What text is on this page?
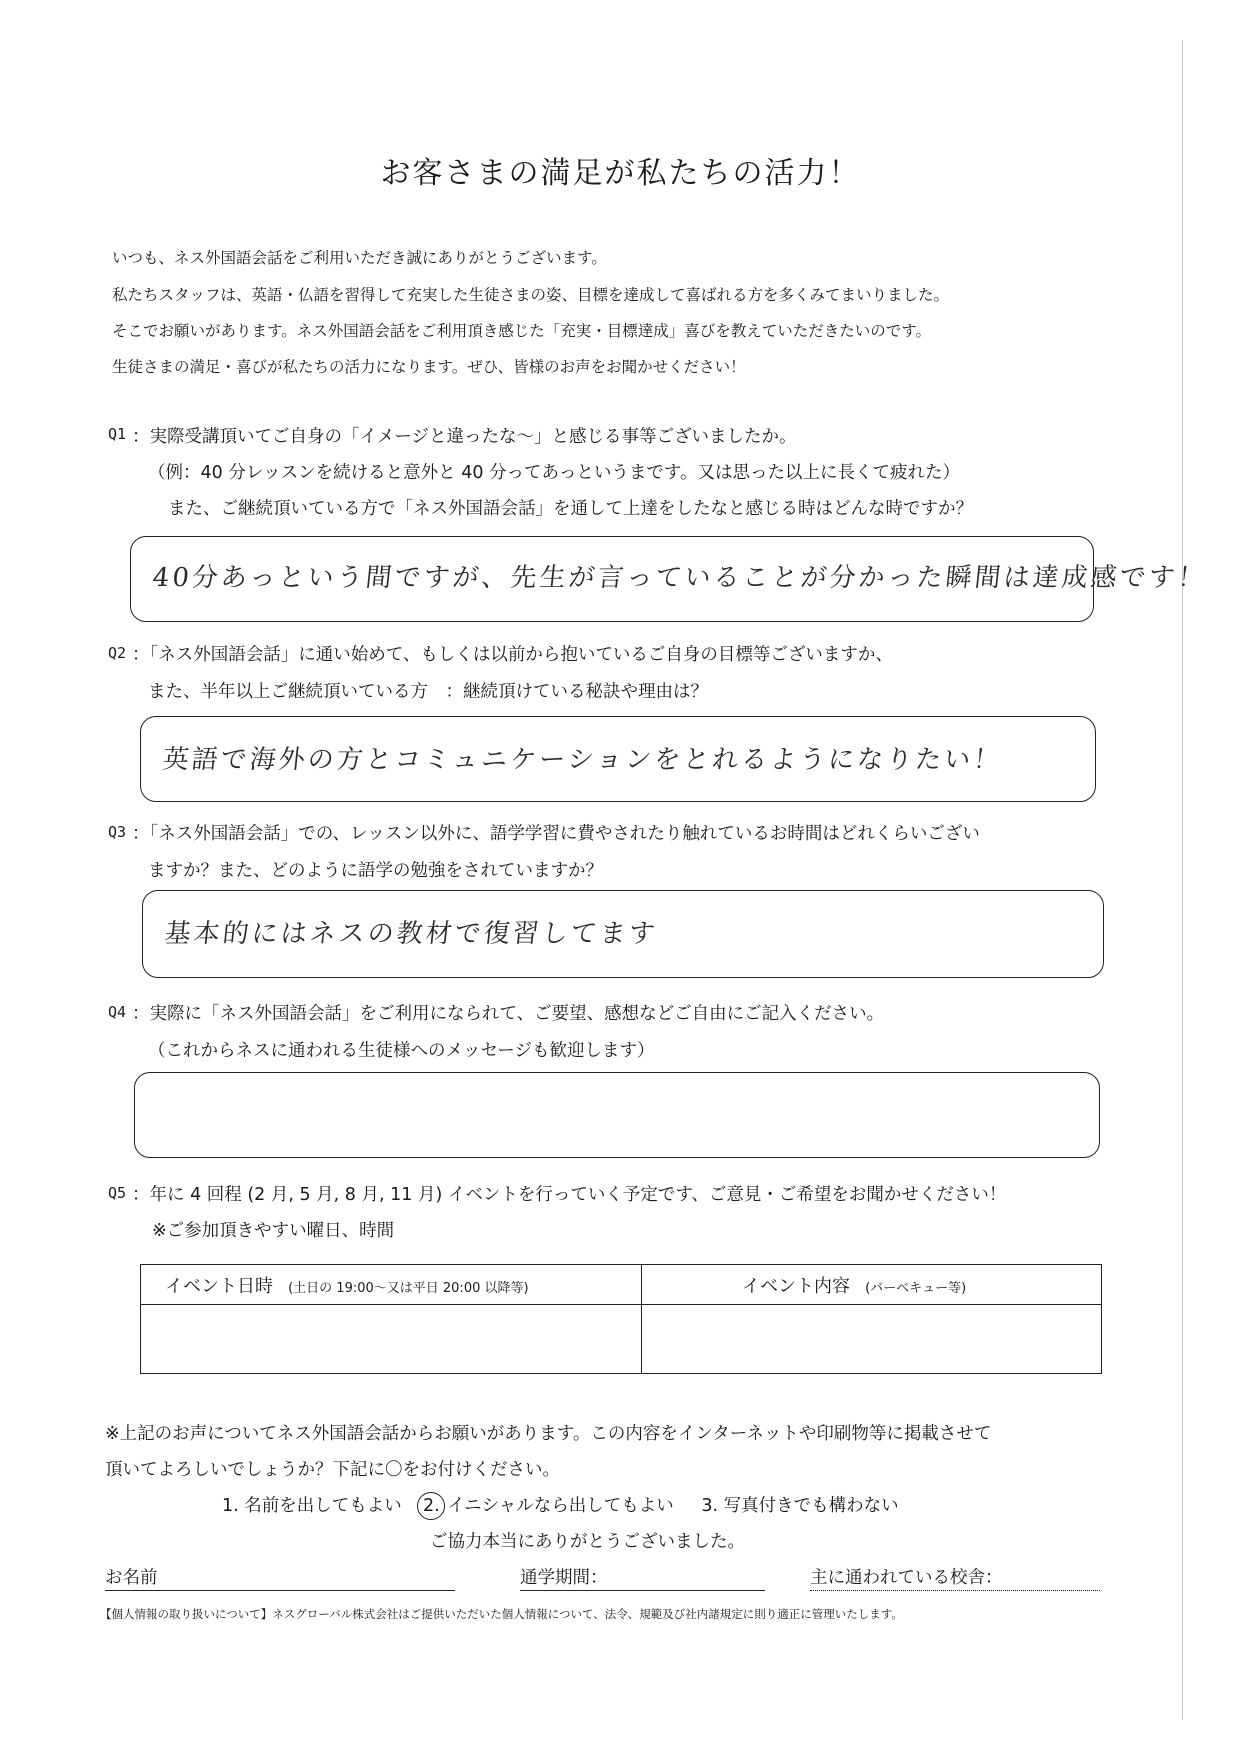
お客さまの満足が私たちの活力！
いつも、ネス外国語会話をご利用いただき誠にありがとうございます。
私たちスタッフは、英語・仏語を習得して充実した生徒さまの姿、目標を達成して喜ばれる方を多くみてまいりました。
そこでお願いがあります。ネス外国語会話をご利用頂き感じた「充実・目標達成」喜びを教えていただきたいのです。
生徒さまの満足・喜びが私たちの活力になります。ぜひ、皆様のお声をお聞かせください！
Q1 ：実際受講頂いてご自身の「イメージと違ったな～」と感じる事等ございましたか。
（例：40 分レッスンを続けると意外と 40 分ってあっというまです。又は思った以上に長くて疲れた）
また、ご継続頂いている方で「ネス外国語会話」を通して上達をしたなと感じる時はどんな時ですか？
40分あっという間ですが、先生が言っていることが分かった瞬間は達成感です！
Q2 ：「ネス外国語会話」に通い始めて、もしくは以前から抱いているご自身の目標等ございますか、
また、半年以上ご継続頂いている方　：継続頂けている秘訣や理由は？
英語で海外の方とコミュニケーションをとれるようになりたい！
Q3 ：「ネス外国語会話」での、レッスン以外に、語学学習に費やされたり触れているお時間はどれくらいござい
ますか？また、どのように語学の勉強をされていますか？
基本的にはネスの教材で復習してます
Q4 ：実際に「ネス外国語会話」をご利用になられて、ご要望、感想などご自由にご記入ください。
（これからネスに通われる生徒様へのメッセージも歓迎します）
Q5 ：年に 4 回程 (2 月, 5 月, 8 月, 11 月) イベントを行っていく予定です、ご意見・ご希望をお聞かせください！
※ご参加頂きやすい曜日、時間
イベント日時 (土日の 19:00～又は平日 20:00 以降等)	イベント内容 (バーベキュー等)

※上記のお声についてネス外国語会話からお願いがあります。この内容をインターネットや印刷物等に掲載させて
頂いてよろしいでしょうか？下記に〇をお付けください。
1. 名前を出してもよい 2. イニシャルなら出してもよい 3. 写真付きでも構わない
ご協力本当にありがとうございました。
お名前	通学期間：	主に通われている校舎：
【個人情報の取り扱いについて】ネスグローバル株式会社はご提供いただいた個人情報について、法令、規範及び社内諸規定に則り適正に管理いたします。
